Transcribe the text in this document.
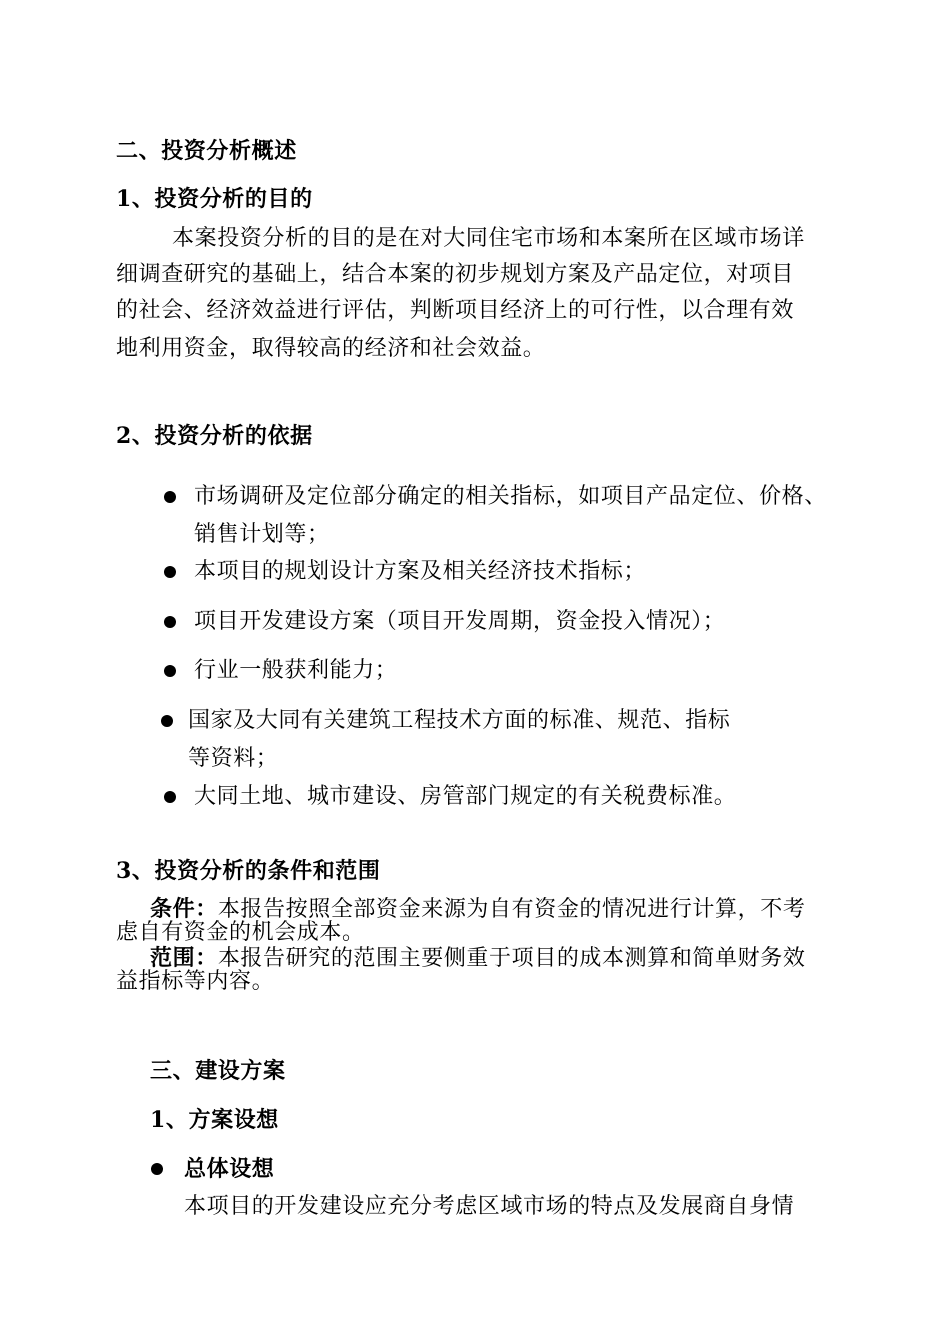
二、投资分析概述
1、投资分析的目的
本案投资分析的目的是在对大同住宅市场和本案所在区域市场详
细调查研究的基础上，结合本案的初步规划方案及产品定位，对项目
的社会、经济效益进行评估，判断项目经济上的可行性，以合理有效
地利用资金，取得较高的经济和社会效益。
2、投资分析的依据
市场调研及定位部分确定的相关指标，如项目产品定位、价格、
销售计划等；
本项目的规划设计方案及相关经济技术指标；
项目开发建设方案（项目开发周期，资金投入情况）；
行业一般获利能力；
国家及大同有关建筑工程技术方面的标准、规范、指标
等资料；
大同土地、城市建设、房管部门规定的有关税费标准。
3、投资分析的条件和范围
条件：本报告按照全部资金来源为自有资金的情况进行计算，不考
虑自有资金的机会成本。
范围：本报告研究的范围主要侧重于项目的成本测算和简单财务效
益指标等内容。
三、建设方案
1、方案设想
总体设想
本项目的开发建设应充分考虑区域市场的特点及发展商自身情
